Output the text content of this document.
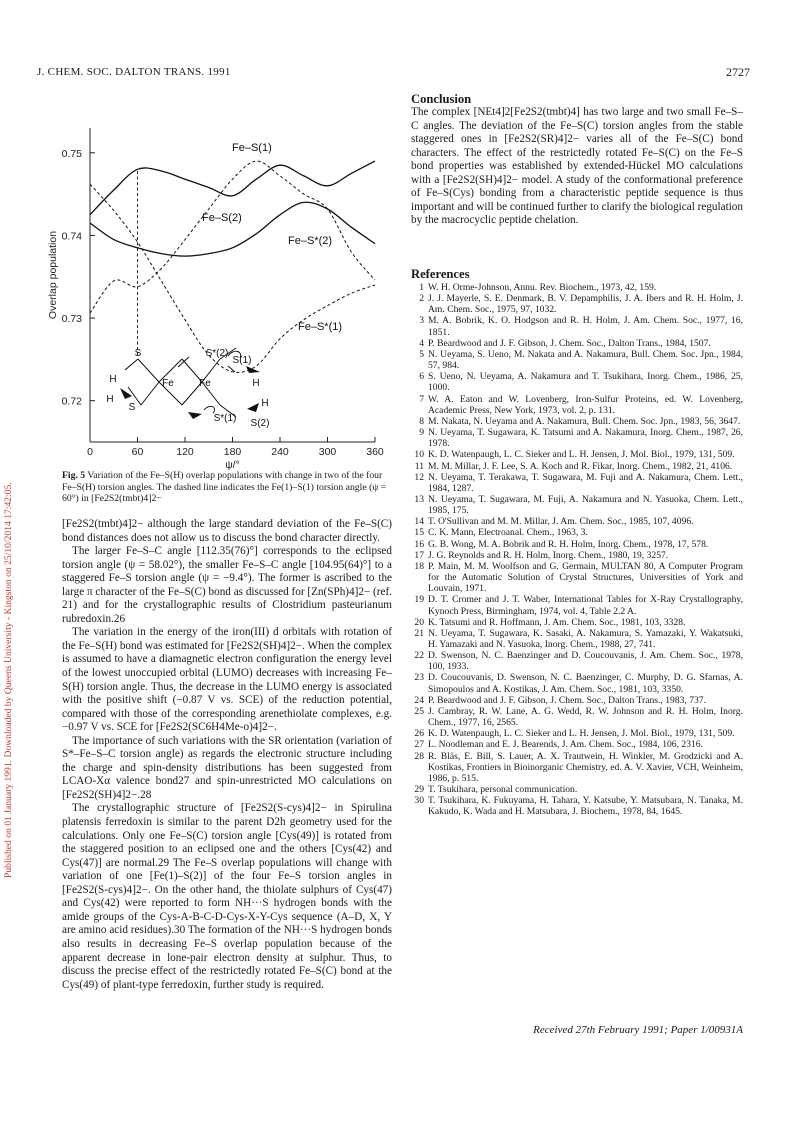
Published on 01 January 1991. Downloaded by Queens University - Kingston on 25/10/2014 17:42:05.
J. CHEM. SOC. DALTON TRANS. 1991	2727
0	60	120	180	240	300	360
0.72
0.73
0.74
0.75
Overlap population
ψ/°
Fe–S(1)
Fe–S(2)
Fe–S*(2)
Fe–S*(1)
S	S*(2)
S(1)
Fe	Fe
H	H
H	H
S
S*(1) S(2)
Fig. 5 Variation of the Fe–S(H) overlap populations with change in two of the four Fe–S(H) torsion angles. The dashed line indicates the Fe(1)–S(1) torsion angle (ψ = 60°) in [Fe2S2(tmbt)4]2−

[Fe2S2(tmbt)4]2− although the large standard deviation of the Fe–S(C) bond distances does not allow us to discuss the bond character directly.

The larger Fe–S–C angle [112.35(76)°] corresponds to the eclipsed torsion angle (ψ = 58.02°), the smaller Fe–S–C angle [104.95(64)°] to a staggered Fe–S torsion angle (ψ = −9.4°). The former is ascribed to the large π character of the Fe–S(C) bond as discussed for [Zn(SPh)4]2− (ref. 21) and for the crystallographic results of Clostridium pasteurianum rubredoxin.26

The variation in the energy of the iron(III) d orbitals with rotation of the Fe–S(H) bond was estimated for [Fe2S2(SH)4]2−. When the complex is assumed to have a diamagnetic electron configuration the energy level of the lowest unoccupied orbital (LUMO) decreases with increasing Fe–S(H) torsion angle. Thus, the decrease in the LUMO energy is associated with the positive shift (−0.87 V vs. SCE) of the reduction potential, compared with those of the corresponding arenethiolate complexes, e.g. −0.97 V vs. SCE for [Fe2S2(SC6H4Me-o)4]2−.

The importance of such variations with the SR orientation (variation of S*–Fe–S–C torsion angle) as regards the electronic structure including the charge and spin-density distributions has been suggested from LCAO-Xα valence bond27 and spin-unrestricted MO calculations on [Fe2S2(SH)4]2−.28

The crystallographic structure of [Fe2S2(S-cys)4]2− in Spirulina platensis ferredoxin is similar to the parent D2h geometry used for the calculations. Only one Fe–S(C) torsion angle [Cys(49)] is rotated from the staggered position to an eclipsed one and the others [Cys(42) and Cys(47)] are normal.29 The Fe–S overlap populations will change with variation of one [Fe(1)–S(2)] of the four Fe–S torsion angles in [Fe2S2(S-cys)4]2−. On the other hand, the thiolate sulphurs of Cys(47) and Cys(42) were reported to form NH···S hydrogen bonds with the amide groups of the Cys-A-B-C-D-Cys-X-Y-Cys sequence (A–D, X, Y are amino acid residues).30 The formation of the NH···S hydrogen bonds also results in decreasing Fe–S overlap population because of the apparent decrease in lone-pair electron density at sulphur. Thus, to discuss the precise effect of the restrictedly rotated Fe–S(C) bond at the Cys(49) of plant-type ferredoxin, further study is required.

Conclusion

The complex [NEt4]2[Fe2S2(tmbt)4] has two large and two small Fe–S–C angles. The deviation of the Fe–S(C) torsion angles from the stable staggered ones in [Fe2S2(SR)4]2− varies all of the Fe–S(C) bond characters. The effect of the restrictedly rotated Fe–S(C) on the Fe–S bond properties was established by extended-Hückel MO calculations with a [Fe2S2(SH)4]2− model. A study of the conformational preference of Fe–S(Cys) bonding from a characteristic peptide sequence is thus important and will be continued further to clarify the biological regulation by the macrocyclic peptide chelation.

References
1 W. H. Orme-Johnson, Annu. Rev. Biochem., 1973, 42, 159.
2 J. J. Mayerle, S. E. Denmark, B. V. Depamphilis, J. A. Ibers and R. H. Holm, J. Am. Chem. Soc., 1975, 97, 1032.
3 M. A. Bobrik, K. O. Hodgson and R. H. Holm, J. Am. Chem. Soc., 1977, 16, 1851.
4 P. Beardwood and J. F. Gibson, J. Chem. Soc., Dalton Trans., 1984, 1507.
5 N. Ueyama, S. Ueno, M. Nakata and A. Nakamura, Bull. Chem. Soc. Jpn., 1984, 57, 984.
6 S. Ueno, N. Ueyama, A. Nakamura and T. Tsukihara, Inorg. Chem., 1986, 25, 1000.
7 W. A. Eaton and W. Lovenberg, Iron-Sulfur Proteins, ed. W. Lovenberg, Academic Press, New York, 1973, vol. 2, p. 131.
8 M. Nakata, N. Ueyama and A. Nakamura, Bull. Chem. Soc. Jpn., 1983, 56, 3647.
9 N. Ueyama, T. Sugawara, K. Tatsumi and A. Nakamura, Inorg. Chem., 1987, 26, 1978.
10 K. D. Watenpaugh, L. C. Sieker and L. H. Jensen, J. Mol. Biol., 1979, 131, 509.
11 M. M. Millar, J. F. Lee, S. A. Koch and R. Fikar, Inorg. Chem., 1982, 21, 4106.
12 N. Ueyama, T. Terakawa, T. Sugawara, M. Fuji and A. Nakamura, Chem. Lett., 1984, 1287.
13 N. Ueyama, T. Sugawara, M. Fuji, A. Nakamura and N. Yasuoka, Chem. Lett., 1985, 175.
14 T. O'Sullivan and M. M. Millar, J. Am. Chem. Soc., 1985, 107, 4096.
15 C. K. Mann, Electroanal. Chem., 1963, 3.
16 G. B. Wong, M. A. Bobrik and R. H. Holm, Inorg. Chem., 1978, 17, 578.
17 J. G. Reynolds and R. H. Holm, Inorg. Chem., 1980, 19, 3257.
18 P. Main, M. M. Woolfson and G. Germain, MULTAN 80, A Computer Program for the Automatic Solution of Crystal Structures, Universities of York and Louvain, 1971.
19 D. T. Cromer and J. T. Waber, International Tables for X-Ray Crystallography, Kynoch Press, Birmingham, 1974, vol. 4, Table 2.2 A.
20 K. Tatsumi and R. Hoffmann, J. Am. Chem. Soc., 1981, 103, 3328.
21 N. Ueyama, T. Sugawara, K. Sasaki, A. Nakamura, S. Yamazaki, Y. Wakatsuki, H. Yamazaki and N. Yasuoka, Inorg. Chem., 1988, 27, 741.
22 D. Swenson, N. C. Baenzinger and D. Coucouvanis, J. Am. Chem. Soc., 1978, 100, 1933.
23 D. Coucouvanis, D. Swenson, N. C. Baenzinger, C. Murphy, D. G. Sfarnas, A. Simopoulos and A. Kostikas, J. Am. Chem. Soc., 1981, 103, 3350.
24 P. Beardwood and J. F. Gibson, J. Chem. Soc., Dalton Trans., 1983, 737.
25 J. Cambray, R. W. Lane, A. G. Wedd, R. W. Johnson and R. H. Holm, Inorg. Chem., 1977, 16, 2565.
26 K. D. Watenpaugh, L. C. Sieker and L. H. Jensen, J. Mol. Biol., 1979, 131, 509.
27 L. Noodleman and E. J. Bearends, J. Am. Chem. Soc., 1984, 106, 2316.
28 R. Bläs, E. Bill, S. Lauer, A. X. Trautwein, H. Winkler, M. Grodzicki and A. Kostikas, Frontiers in Bioinorganic Chemistry, ed. A. V. Xavier, VCH, Weinheim, 1986, p. 515.
29 T. Tsukihara, personal communication.
30 T. Tsukihara, K. Fukuyama, H. Tahara, Y. Katsube, Y. Matsubara, N. Tanaka, M. Kakudo, K. Wada and H. Matsubara, J. Biochem., 1978, 84, 1645.
Received 27th February 1991; Paper 1/00931A
